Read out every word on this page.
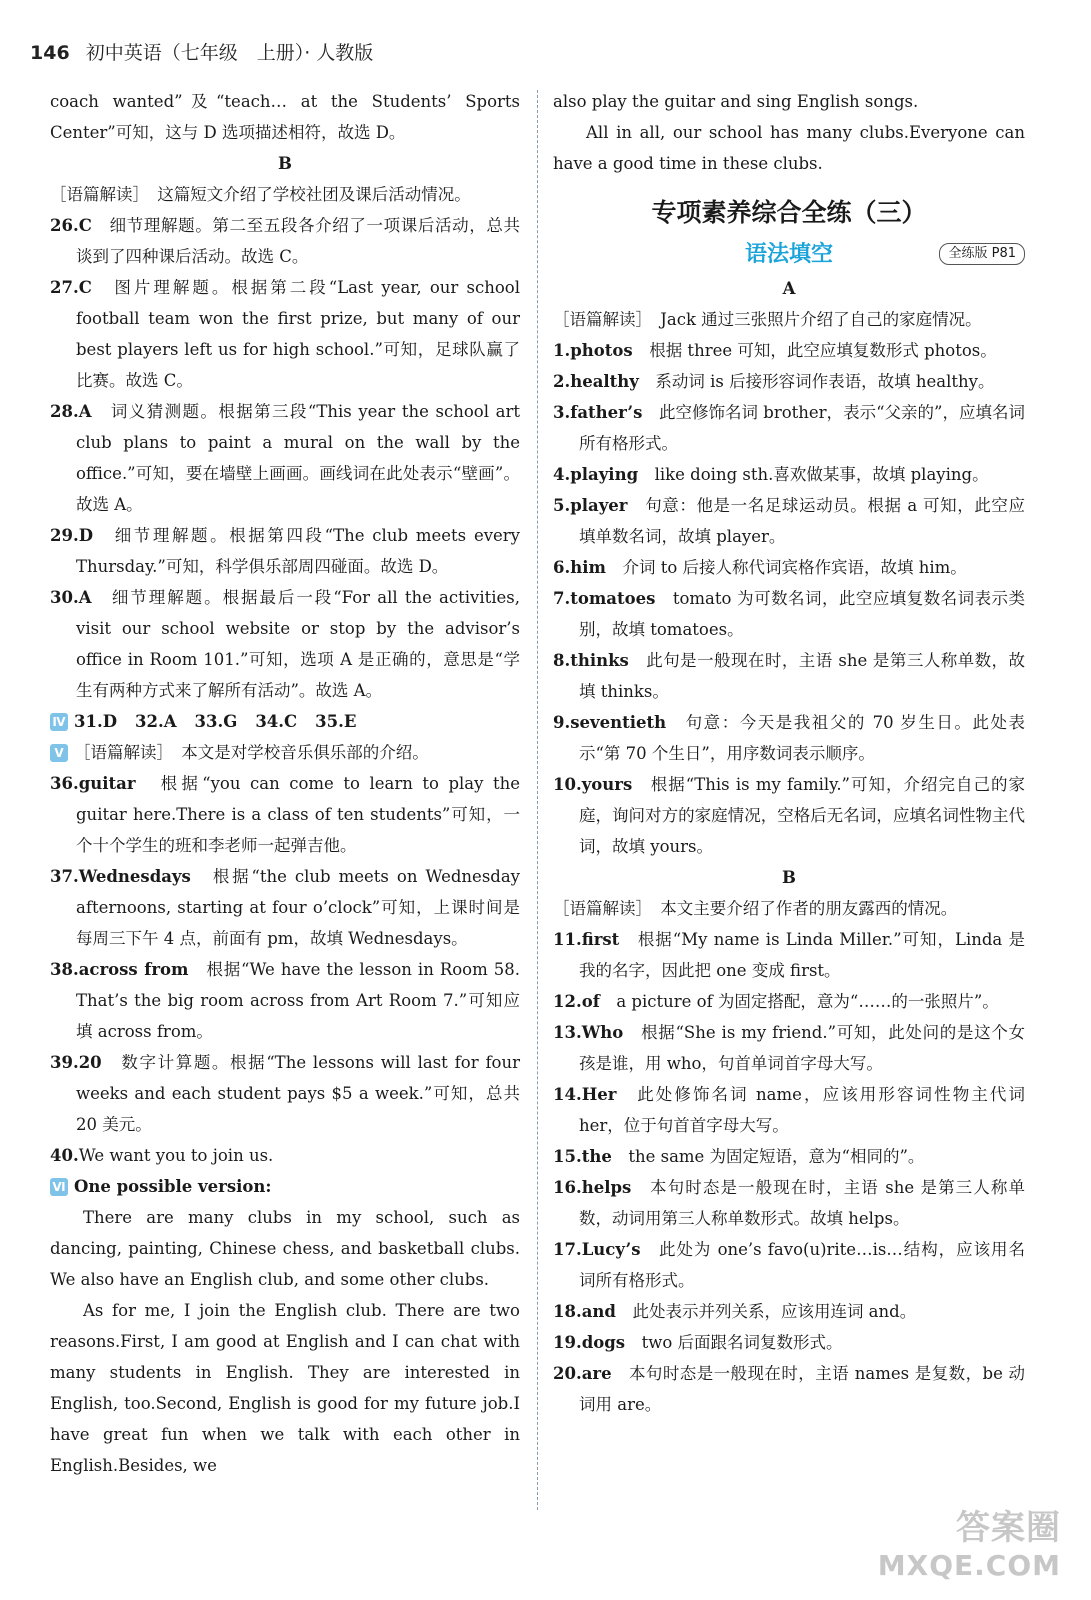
146 初中英语（七年级　上册）· 人教版

coach wanted”及“teach… at the Students’ Sports Center”可知，这与 D 选项描述相符，故选 D。

B

［语篇解读］　这篇短文介绍了学校社团及课后活动情况。

26.C　 细节理解题。第二至五段各介绍了一项课后活动，总共谈到了四种课后活动。故选 C。

27.C　 图片理解题。根据第二段“Last year, our school football team won the first prize, but many of our best players left us for high school.”可知，足球队赢了比赛。故选 C。

28.A　 词义猜测题。根据第三段“This year the school art club plans to paint a mural on the wall by the office.”可知，要在墙壁上画画。画线词在此处表示“壁画”。故选 A。

29.D　 细节理解题。根据第四段“The club meets every Thursday.”可知，科学俱乐部周四碰面。故选 D。

30.A　 细节理解题。根据最后一段“For all the activities, visit our school website or stop by the advisor’s office in Room 101.”可知，选项 A 是正确的，意思是“学生有两种方式来了解所有活动”。故选 A。

Ⅳ 31.D 32.A 33.G 34.C 35.E

Ⅴ ［语篇解读］　本文是对学校音乐俱乐部的介绍。

36.guitar　 根据“you can come to learn to play the guitar here.There is a class of ten students”可知，一个十个学生的班和李老师一起弹吉他。

37.Wednesdays　 根据“the club meets on Wednesday afternoons, starting at four o’clock”可知，上课时间是每周三下午 4 点，前面有 pm，故填 Wednesdays。

38.across from　 根据“We have the lesson in Room 58. That’s the big room across from Art Room 7.”可知应填 across from。

39.20　 数字计算题。根据“The lessons will last for four weeks and each student pays $5 a week.”可知，总共 20 美元。

40.We want you to join us.

Ⅵ One possible version:

There are many clubs in my school, such as dancing, painting, Chinese chess, and basketball clubs. We also have an English club, and some other clubs.

As for me, I join the English club. There are two reasons.First, I am good at English and I can chat with many students in English. They are interested in English, too.Second, English is good for my future job.I have great fun when we talk with each other in English.Besides, we

also play the guitar and sing English songs.

All in all, our school has many clubs.Everyone can have a good time in these clubs.

专项素养综合全练（三）
语法填空	全练版 P81

A

［语篇解读］　Jack 通过三张照片介绍了自己的家庭情况。

1.photos　 根据 three 可知，此空应填复数形式 photos。

2.healthy　 系动词 is 后接形容词作表语，故填 healthy。

3.father’s　 此空修饰名词 brother，表示“父亲的”，应填名词所有格形式。

4.playing　 like doing sth.喜欢做某事，故填 playing。

5.player　 句意：他是一名足球运动员。根据 a 可知，此空应填单数名词，故填 player。

6.him　 介词 to 后接人称代词宾格作宾语，故填 him。

7.tomatoes　 tomato 为可数名词，此空应填复数名词表示类别，故填 tomatoes。

8.thinks　 此句是一般现在时，主语 she 是第三人称单数，故填 thinks。

9.seventieth　 句意：今天是我祖父的 70 岁生日。此处表示“第 70 个生日”，用序数词表示顺序。

10.yours　 根据“This is my family.”可知，介绍完自己的家庭，询问对方的家庭情况，空格后无名词，应填名词性物主代词，故填 yours。

B

［语篇解读］　本文主要介绍了作者的朋友露西的情况。

11.first　 根据“My name is Linda Miller.”可知，Linda 是我的名字，因此把 one 变成 first。

12.of　 a picture of 为固定搭配，意为“……的一张照片”。

13.Who　 根据“She is my friend.”可知，此处问的是这个女孩是谁，用 who，句首单词首字母大写。

14.Her　 此处修饰名词 name，应该用形容词性物主代词 her，位于句首首字母大写。

15.the　 the same 为固定短语，意为“相同的”。

16.helps　 本句时态是一般现在时，主语 she 是第三人称单数，动词用第三人称单数形式。故填 helps。

17.Lucy’s　 此处为 one’s favo(u)rite…is…结构，应该用名词所有格形式。

18.and　 此处表示并列关系，应该用连词 and。

19.dogs　 two 后面跟名词复数形式。

20.are　 本句时态是一般现在时，主语 names 是复数，be 动词用 are。

答案圈
MXQE.COM
